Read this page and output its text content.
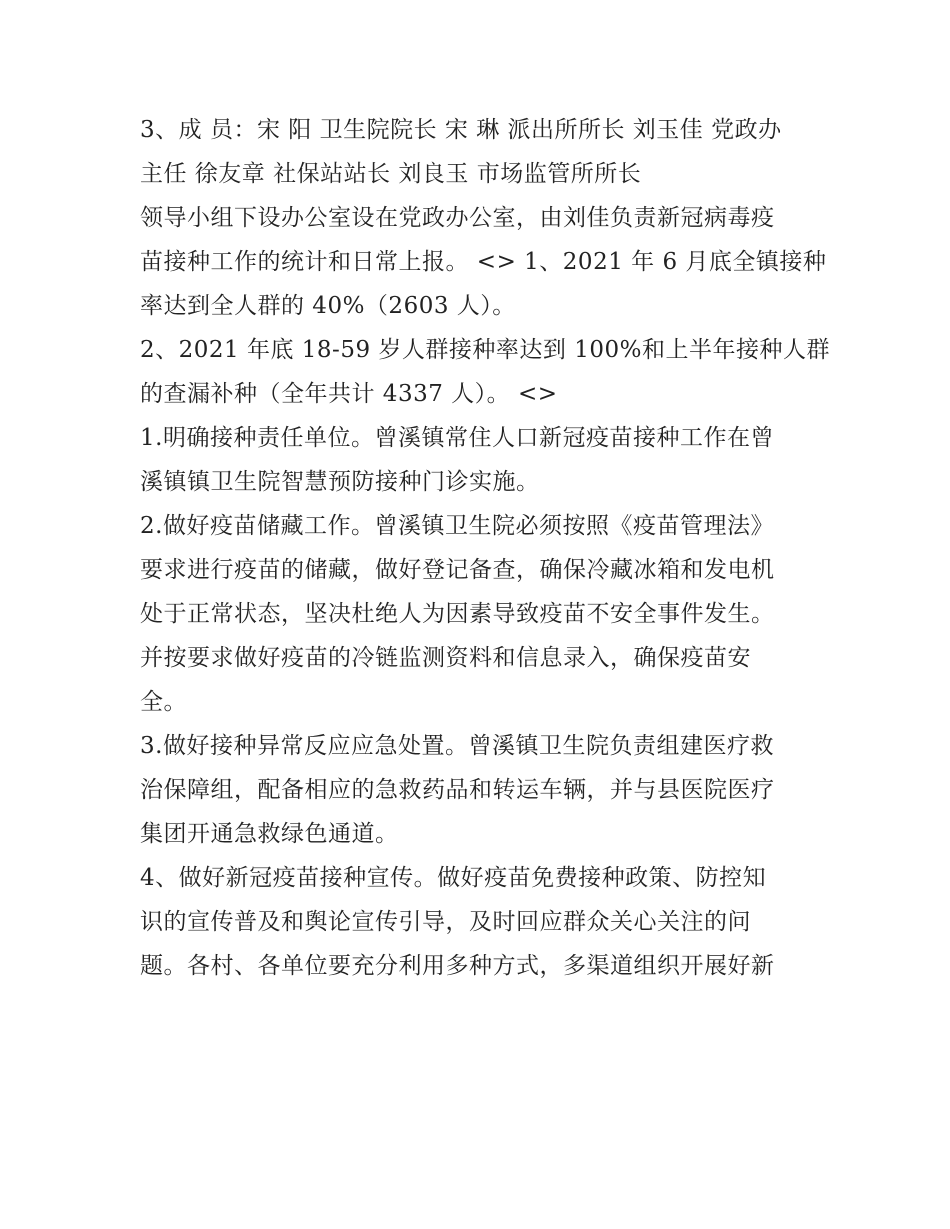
3、成 员：宋 阳 卫生院院长 宋 琳 派出所所长 刘玉佳 党政办
主任 徐友章 社保站站长 刘良玉 市场监管所所长
领导小组下设办公室设在党政办公室，由刘佳负责新冠病毒疫
苗接种工作的统计和日常上报。 <> 1、2021 年 6 月底全镇接种
率达到全人群的 40%（2603 人）。
2、2021 年底 18-59 岁人群接种率达到 100%和上半年接种人群
的查漏补种（全年共计 4337 人）。 <>
1.明确接种责任单位。曾溪镇常住人口新冠疫苗接种工作在曾
溪镇镇卫生院智慧预防接种门诊实施。
2.做好疫苗储藏工作。曾溪镇卫生院必须按照《疫苗管理法》
要求进行疫苗的储藏，做好登记备查，确保冷藏冰箱和发电机
处于正常状态，坚决杜绝人为因素导致疫苗不安全事件发生。
并按要求做好疫苗的冷链监测资料和信息录入，确保疫苗安
全。
3.做好接种异常反应应急处置。曾溪镇卫生院负责组建医疗救
治保障组，配备相应的急救药品和转运车辆，并与县医院医疗
集团开通急救绿色通道。
4、做好新冠疫苗接种宣传。做好疫苗免费接种政策、防控知
识的宣传普及和舆论宣传引导，及时回应群众关心关注的问
题。各村、各单位要充分利用多种方式，多渠道组织开展好新
